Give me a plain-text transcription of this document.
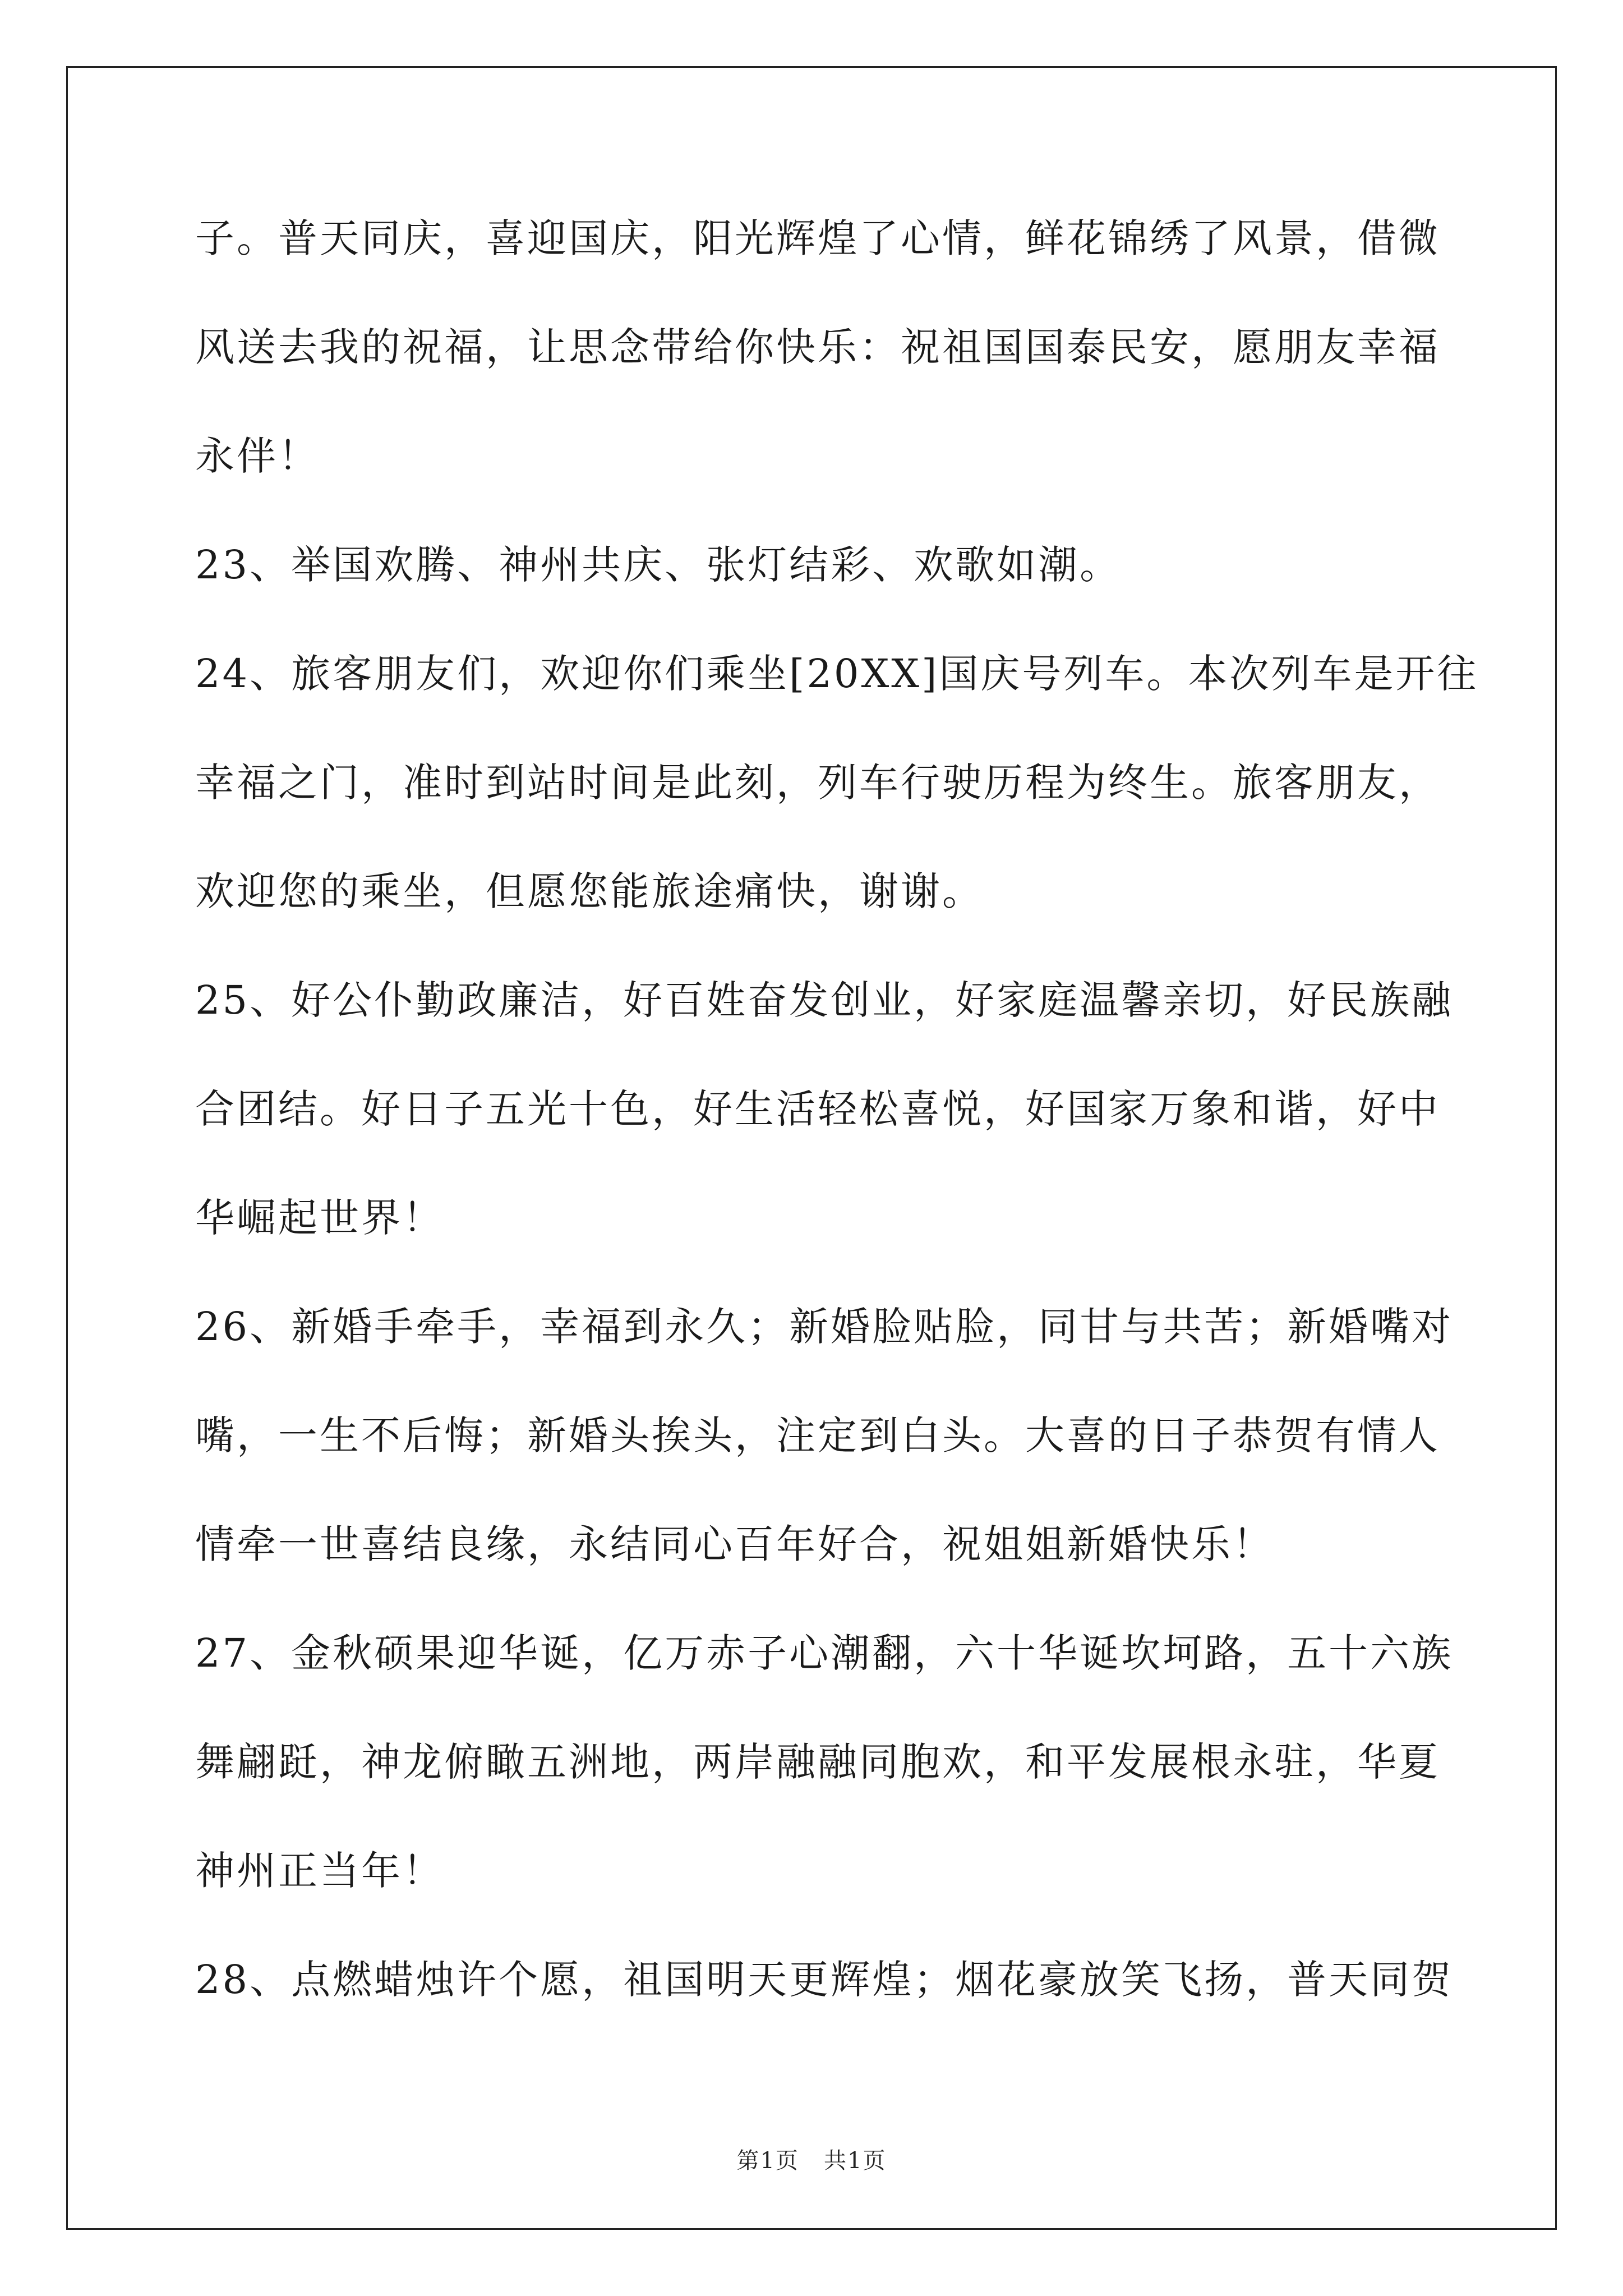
子。普天同庆，喜迎国庆，阳光辉煌了心情，鲜花锦绣了风景，借微
风送去我的祝福，让思念带给你快乐：祝祖国国泰民安，愿朋友幸福
永伴！
23、举国欢腾、神州共庆、张灯结彩、欢歌如潮。
24、旅客朋友们，欢迎你们乘坐[20XX]国庆号列车。本次列车是开往
幸福之门，准时到站时间是此刻，列车行驶历程为终生。旅客朋友，
欢迎您的乘坐，但愿您能旅途痛快，谢谢。
25、好公仆勤政廉洁，好百姓奋发创业，好家庭温馨亲切，好民族融
合团结。好日子五光十色，好生活轻松喜悦，好国家万象和谐，好中
华崛起世界！
26、新婚手牵手，幸福到永久；新婚脸贴脸，同甘与共苦；新婚嘴对
嘴，一生不后悔；新婚头挨头，注定到白头。大喜的日子恭贺有情人
情牵一世喜结良缘，永结同心百年好合，祝姐姐新婚快乐！
27、金秋硕果迎华诞，亿万赤子心潮翻，六十华诞坎坷路，五十六族
舞翩跹，神龙俯瞰五洲地，两岸融融同胞欢，和平发展根永驻，华夏
神州正当年！
28、点燃蜡烛许个愿，祖国明天更辉煌；烟花豪放笑飞扬，普天同贺
第1页   共1页
